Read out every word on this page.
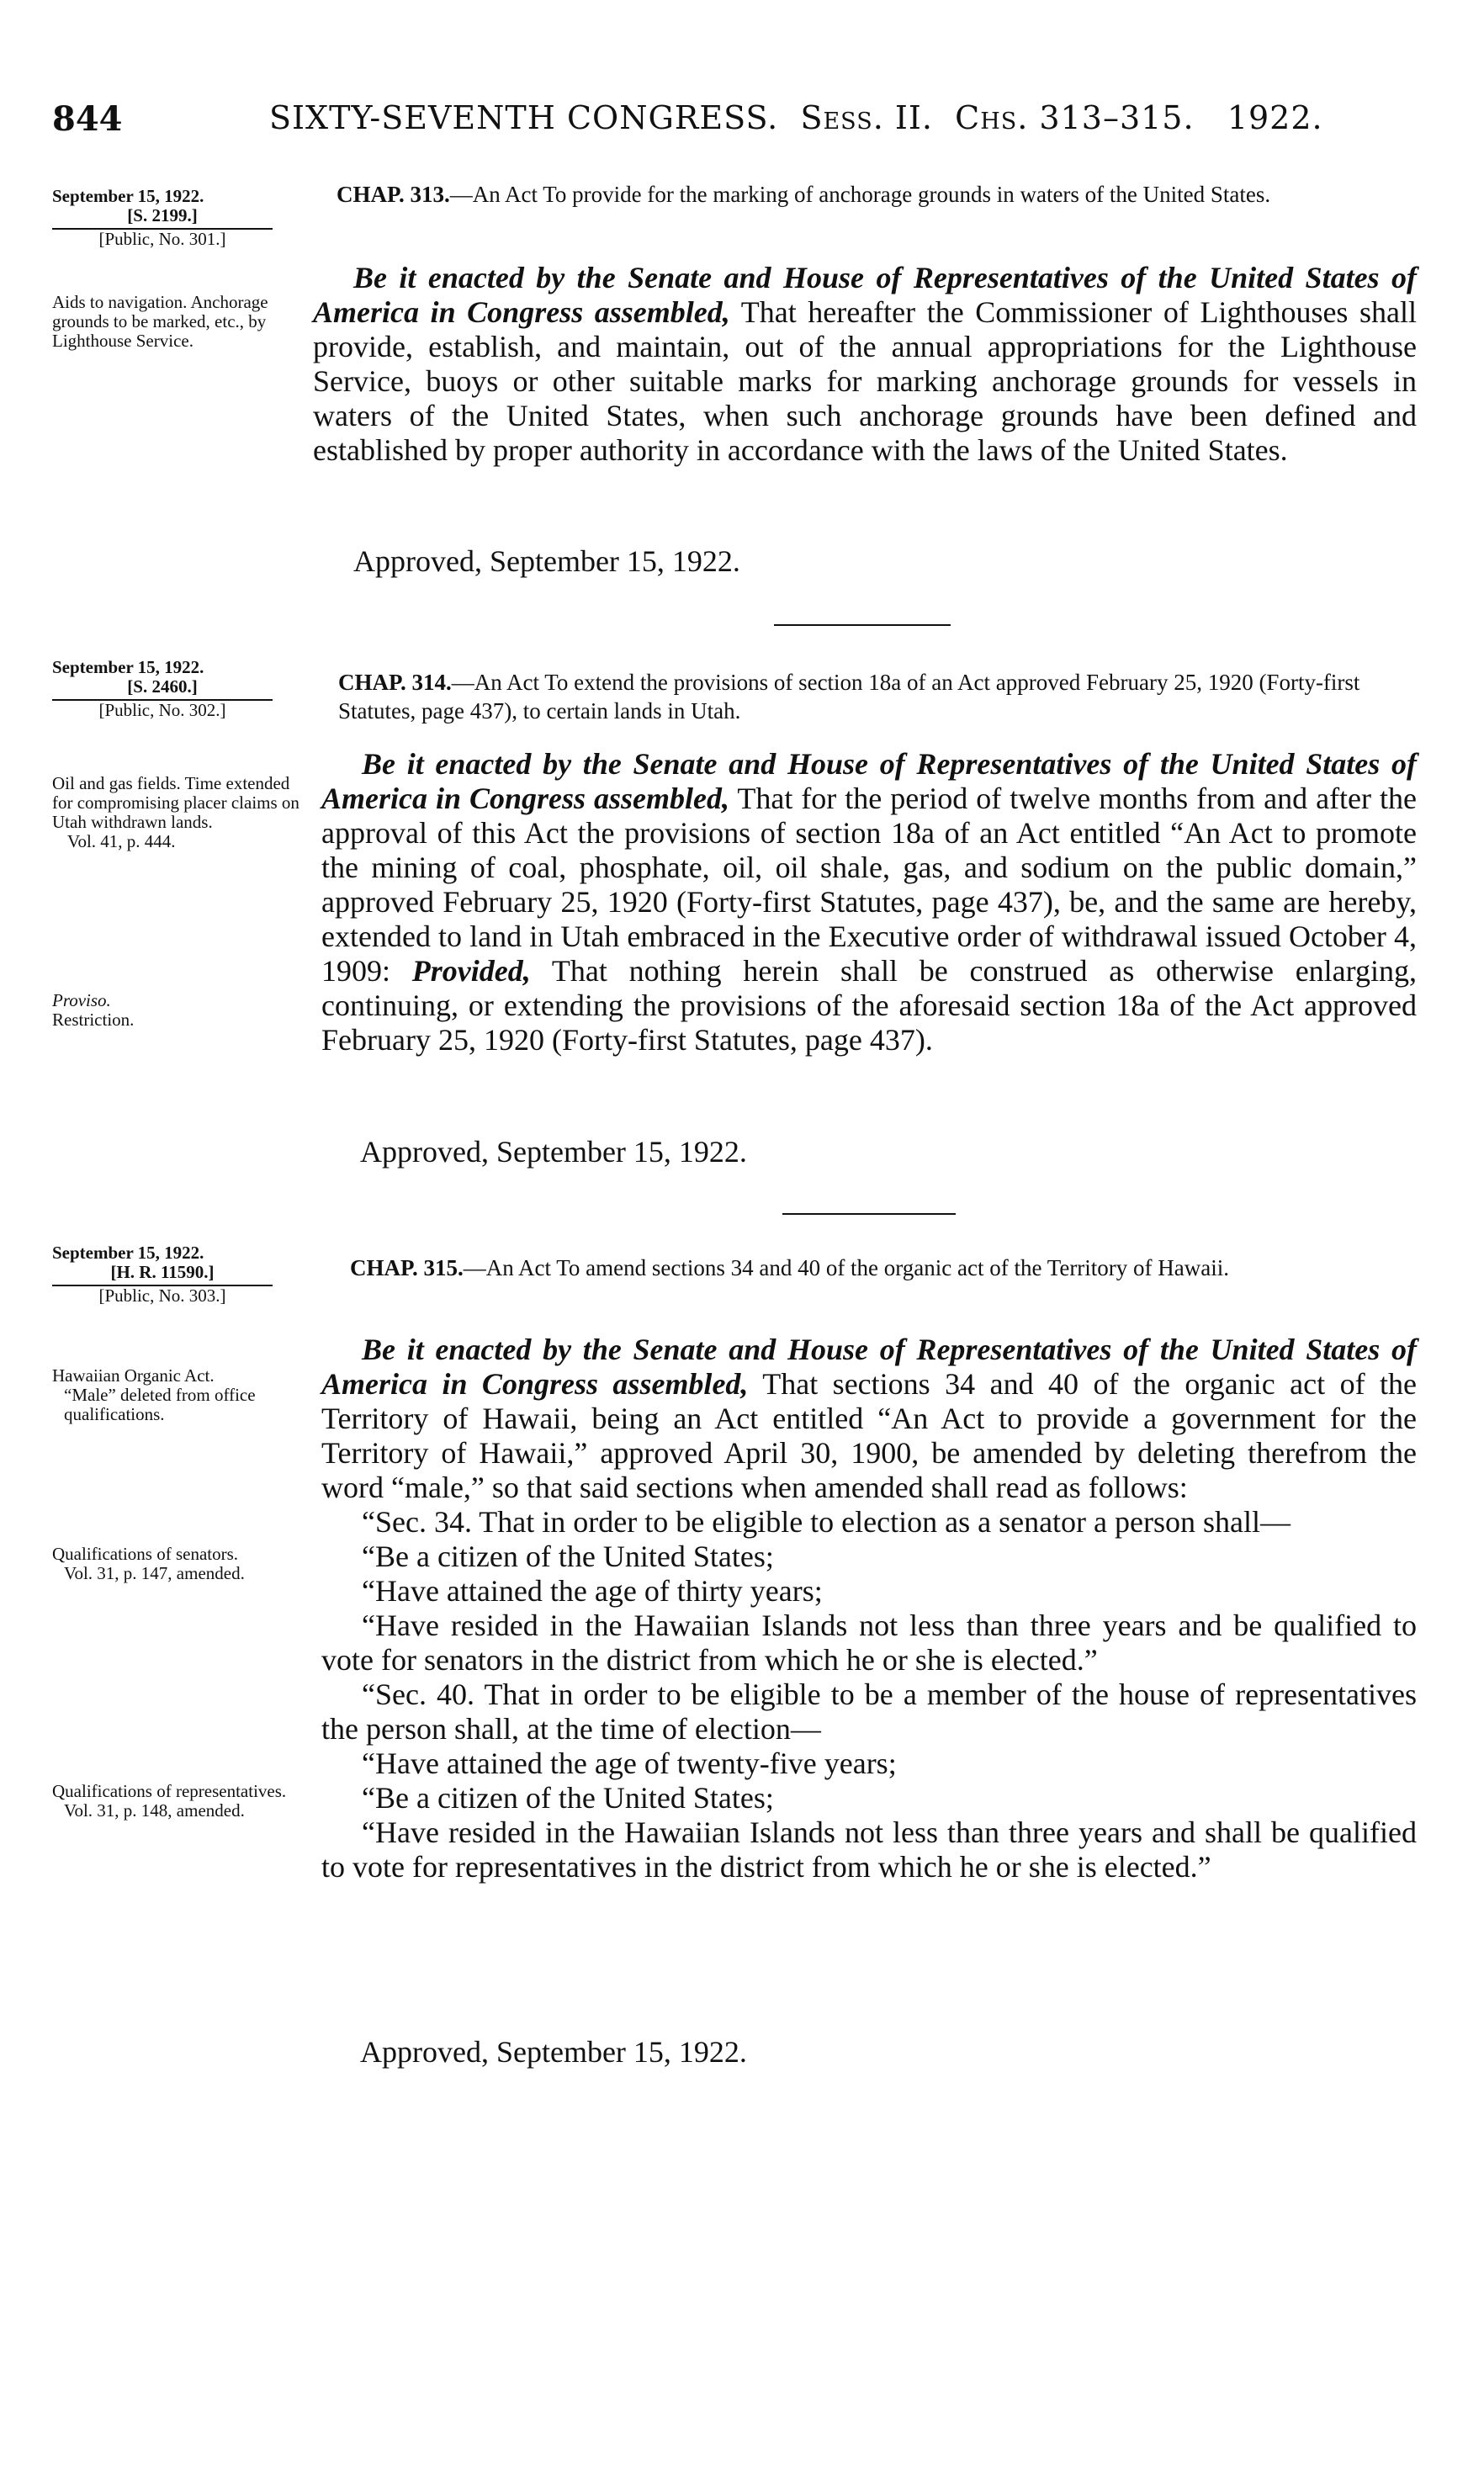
844	SIXTY-SEVENTH CONGRESS. Sess. II. Chs. 313–315. 1922.
September 15, 1922.
[S. 2199.]
[Public, No. 301.]
Aids to navigation. Anchorage grounds to be marked, etc., by Lighthouse Service.
CHAP. 313.—An Act To provide for the marking of anchorage grounds in waters of the United States.

Be it enacted by the Senate and House of Representatives of the United States of America in Congress assembled, That hereafter the Commissioner of Lighthouses shall provide, establish, and maintain, out of the annual appropriations for the Lighthouse Service, buoys or other suitable marks for marking anchorage grounds for vessels in waters of the United States, when such anchorage grounds have been defined and established by proper authority in accordance with the laws of the United States.

Approved, September 15, 1922.
September 15, 1922.
[S. 2460.]
[Public, No. 302.]
Oil and gas fields. Time extended for compromising placer claims on Utah withdrawn lands.
Vol. 41, p. 444.
Proviso.
Restriction.
CHAP. 314.—An Act To extend the provisions of section 18a of an Act approved February 25, 1920 (Forty-first Statutes, page 437), to certain lands in Utah.

Be it enacted by the Senate and House of Representatives of the United States of America in Congress assembled, That for the period of twelve months from and after the approval of this Act the provisions of section 18a of an Act entitled “An Act to promote the mining of coal, phosphate, oil, oil shale, gas, and sodium on the public domain,” approved February 25, 1920 (Forty-first Statutes, page 437), be, and the same are hereby, extended to land in Utah embraced in the Executive order of withdrawal issued October 4, 1909: Provided, That nothing herein shall be construed as otherwise enlarging, continuing, or extending the provisions of the aforesaid section 18a of the Act approved February 25, 1920 (Forty-first Statutes, page 437).

Approved, September 15, 1922.
September 15, 1922.
[H. R. 11590.]
[Public, No. 303.]
Hawaiian Organic Act.
“Male” deleted from office qualifications.
Qualifications of senators.
Vol. 31, p. 147, amended.
Qualifications of representatives.
Vol. 31, p. 148, amended.
CHAP. 315.—An Act To amend sections 34 and 40 of the organic act of the Territory of Hawaii.

Be it enacted by the Senate and House of Representatives of the United States of America in Congress assembled, That sections 34 and 40 of the organic act of the Territory of Hawaii, being an Act entitled “An Act to provide a government for the Territory of Hawaii,” approved April 30, 1900, be amended by deleting therefrom the word “male,” so that said sections when amended shall read as follows:

“Sec. 34. That in order to be eligible to election as a senator a person shall—

“Be a citizen of the United States;

“Have attained the age of thirty years;

“Have resided in the Hawaiian Islands not less than three years and be qualified to vote for senators in the district from which he or she is elected.”

“Sec. 40. That in order to be eligible to be a member of the house of representatives the person shall, at the time of election—

“Have attained the age of twenty-five years;

“Be a citizen of the United States;

“Have resided in the Hawaiian Islands not less than three years and shall be qualified to vote for representatives in the district from which he or she is elected.”

Approved, September 15, 1922.
